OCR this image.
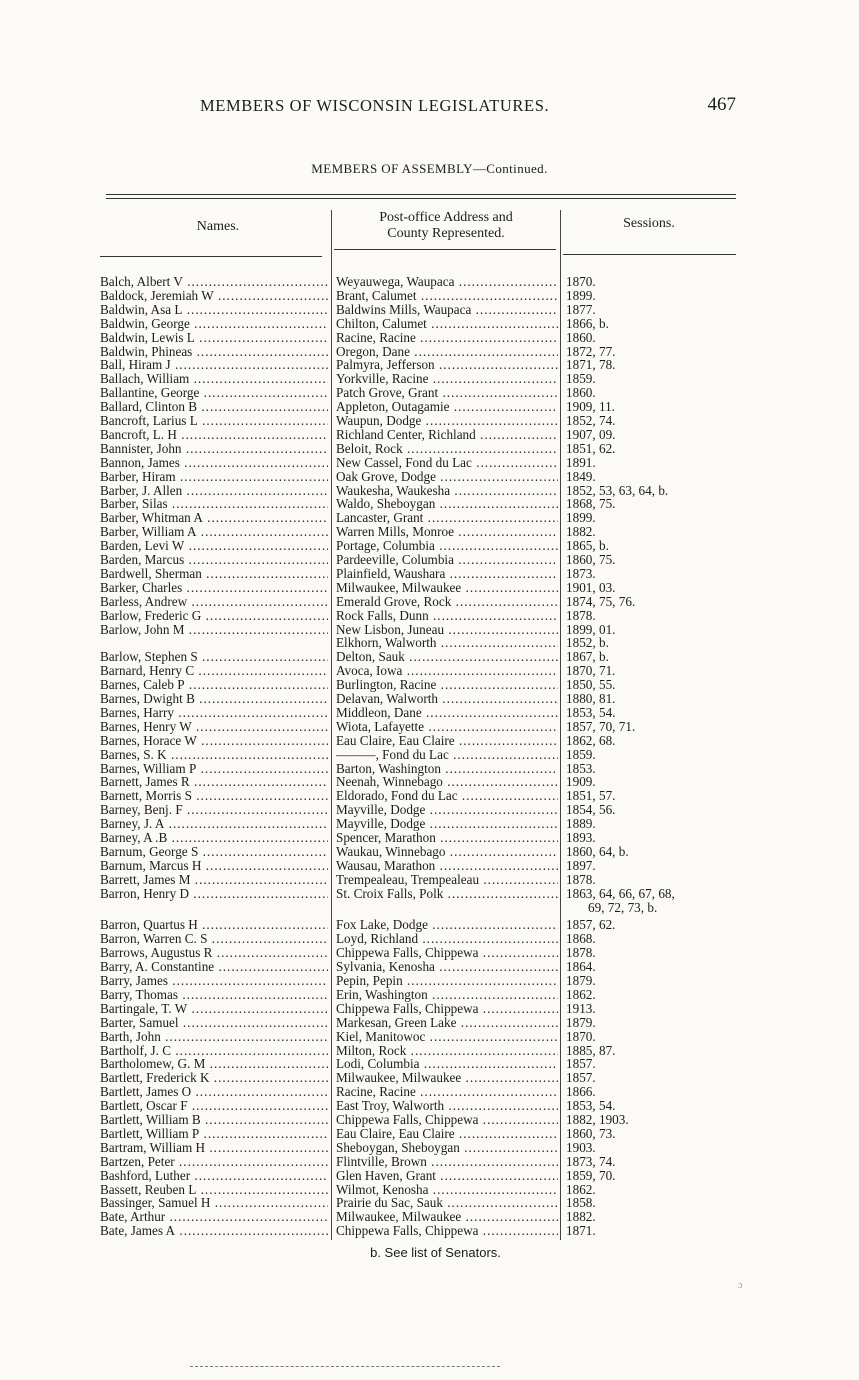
MEMBERS OF WISCONSIN LEGISLATURES.	467
MEMBERS OF ASSEMBLY—Continued.
Names.
Post-office Address and
County Represented.
Sessions.
Balch, Albert V .....	Weyauwega, Waupaca .....	1870.
Baldock, Jeremiah W .....	Brant, Calumet .....	1899.
Baldwin, Asa L .....	Baldwins Mills, Waupaca .....	1877.
Baldwin, George .....	Chilton, Calumet .....	1866, b.
Baldwin, Lewis L .....	Racine, Racine .....	1860.
Baldwin, Phineas .....	Oregon, Dane .....	1872, 77.
Ball, Hiram J .....	Palmyra, Jefferson .....	1871, 78.
Ballach, William .....	Yorkville, Racine .....	1859.
Ballantine, George .....	Patch Grove, Grant .....	1860.
Ballard, Clinton B .....	Appleton, Outagamie .....	1909, 11.
Bancroft, Larius L .....	Waupun, Dodge .....	1852, 74.
Bancroft, L. H .....	Richland Center, Richland .....	1907, 09.
Bannister, John .....	Beloit, Rock .....	1851, 62.
Bannon, James .....	New Cassel, Fond du Lac .....	1891.
Barber, Hiram .....	Oak Grove, Dodge .....	1849.
Barber, J. Allen .....	Waukesha, Waukesha .....	1852, 53, 63, 64, b.
Barber, Silas .....	Waldo, Sheboygan .....	1868, 75.
Barber, Whitman A .....	Lancaster, Grant .....	1899.
Barber, William A .....	Warren Mills, Monroe .....	1882.
Barden, Levi W .....	Portage, Columbia .....	1865, b.
Barden, Marcus .....	Pardeeville, Columbia .....	1860, 75.
Bardwell, Sherman .....	Plainfield, Waushara .....	1873.
Barker, Charles .....	Milwaukee, Milwaukee .....	1901, 03.
Barless, Andrew .....	Emerald Grove, Rock .....	1874, 75, 76.
Barlow, Frederic G .....	Rock Falls, Dunn .....	1878.
Barlow, John M .....	New Lisbon, Juneau .....	1899, 01.
Elkhorn, Walworth .....	1852, b.
Barlow, Stephen S .....	Delton, Sauk .....	1867, b.
Barnard, Henry C .....	Avoca, Iowa .....	1870, 71.
Barnes, Caleb P .....	Burlington, Racine .....	1850, 55.
Barnes, Dwight B .....	Delavan, Walworth .....	1880, 81.
Barnes, Harry .....	Middleon, Dane .....	1853, 54.
Barnes, Henry W .....	Wiota, Lafayette .....	1857, 70, 71.
Barnes, Horace W .....	Eau Claire, Eau Claire .....	1862, 68.
Barnes, S. K .....	———, Fond du Lac .....	1859.
Barnes, William P .....	Barton, Washington .....	1853.
Barnett, James R .....	Neenah, Winnebago .....	1909.
Barnett, Morris S .....	Eldorado, Fond du Lac .....	1851, 57.
Barney, Benj. F .....	Mayville, Dodge .....	1854, 56.
Barney, J. A .....	Mayville, Dodge .....	1889.
Barney, A .B .....	Spencer, Marathon .....	1893.
Barnum, George S .....	Waukau, Winnebago .....	1860, 64, b.
Barnum, Marcus H .....	Wausau, Marathon .....	1897.
Barrett, James M .....	Trempealeau, Trempealeau .....	1878.
Barron, Henry D .....	St. Croix Falls, Polk .....	1863, 64, 66, 67, 68,
69, 72, 73, b.
Barron, Quartus H .....	Fox Lake, Dodge .....	1857, 62.
Barron, Warren C. S .....	Loyd, Richland .....	1868.
Barrows, Augustus R .....	Chippewa Falls, Chippewa .....	1878.
Barry, A. Constantine .....	Sylvania, Kenosha .....	1864.
Barry, James .....	Pepin, Pepin .....	1879.
Barry, Thomas .....	Erin, Washington .....	1862.
Bartingale, T. W .....	Chippewa Falls, Chippewa .....	1913.
Barter, Samuel .....	Markesan, Green Lake .....	1879.
Barth, John .....	Kiel, Manitowoc .....	1870.
Bartholf, J. C .....	Milton, Rock .....	1885, 87.
Bartholomew, G. M .....	Lodi, Columbia .....	1857.
Bartlett, Frederick K .....	Milwaukee, Milwaukee .....	1857.
Bartlett, James O .....	Racine, Racine .....	1866.
Bartlett, Oscar F .....	East Troy, Walworth .....	1853, 54.
Bartlett, William B .....	Chippewa Falls, Chippewa .....	1882, 1903.
Bartlett, William P .....	Eau Claire, Eau Claire .....	1860, 73.
Bartram, William H .....	Sheboygan, Sheboygan .....	1903.
Bartzen, Peter .....	Flintville, Brown .....	1873, 74.
Bashford, Luther .....	Glen Haven, Grant .....	1859, 70.
Bassett, Reuben L .....	Wilmot, Kenosha .....	1862.
Bassinger, Samuel H .....	Prairie du Sac, Sauk .....	1858.
Bate, Arthur .....	Milwaukee, Milwaukee .....	1882.
Bate, James A .....	Chippewa Falls, Chippewa .....	1871.
b. See list of Senators.
ɔ
